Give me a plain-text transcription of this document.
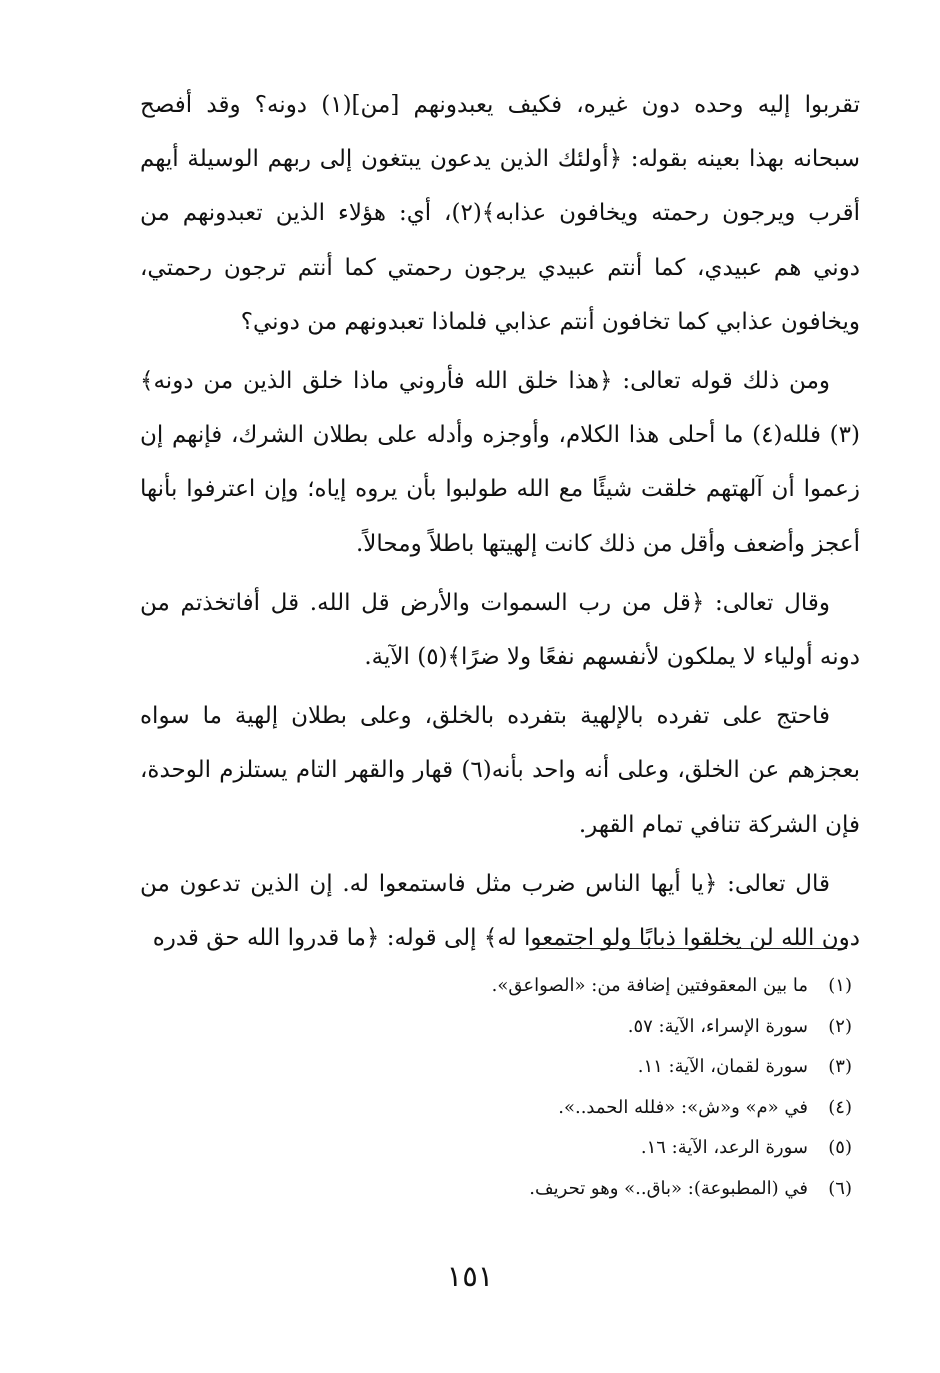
تقربوا إليه وحده دون غيره، فكيف يعبدونهم [من](١) دونه؟ وقد أفصح سبحانه بهذا بعينه بقوله: ﴿أولئك الذين يدعون يبتغون إلى ربهم الوسيلة أيهم أقرب ويرجون رحمته ويخافون عذابه﴾(٢)، أي: هؤلاء الذين تعبدونهم من دوني هم عبيدي، كما أنتم عبيدي يرجون رحمتي كما أنتم ترجون رحمتي، ويخافون عذابي كما تخافون أنتم عذابي فلماذا تعبدونهم من دوني؟

ومن ذلك قوله تعالى: ﴿هذا خلق الله فأروني ماذا خلق الذين من دونه﴾(٣) فلله(٤) ما أحلى هذا الكلام، وأوجزه وأدله على بطلان الشرك، فإنهم إن زعموا أن آلهتهم خلقت شيئًا مع الله طولبوا بأن يروه إياه؛ وإن اعترفوا بأنها أعجز وأضعف وأقل من ذلك كانت إلهيتها باطلاً ومحالاً.

وقال تعالى: ﴿قل من رب السموات والأرض قل الله. قل أفاتخذتم من دونه أولياء لا يملكون لأنفسهم نفعًا ولا ضرًا﴾(٥) الآية.

فاحتج على تفرده بالإلهية بتفرده بالخلق، وعلى بطلان إلهية ما سواه بعجزهم عن الخلق، وعلى أنه واحد بأنه(٦) قهار والقهر التام يستلزم الوحدة، فإن الشركة تنافي تمام القهر.

قال تعالى: ﴿يا أيها الناس ضرب مثل فاستمعوا له. إن الذين تدعون من دون الله لن يخلقوا ذبابًا ولو اجتمعوا له﴾ إلى قوله: ﴿ما قدروا الله حق قدره

(١)
ما بين المعقوفتين إضافة من: «الصواعق».
(٢)
سورة الإسراء، الآية: ٥٧.
(٣)
سورة لقمان، الآية: ١١.
(٤)
في «م» و«ش»: «فلله الحمد..».
(٥)
سورة الرعد، الآية: ١٦.
(٦)
في (المطبوعة): «باق..» وهو تحريف.
١٥١
